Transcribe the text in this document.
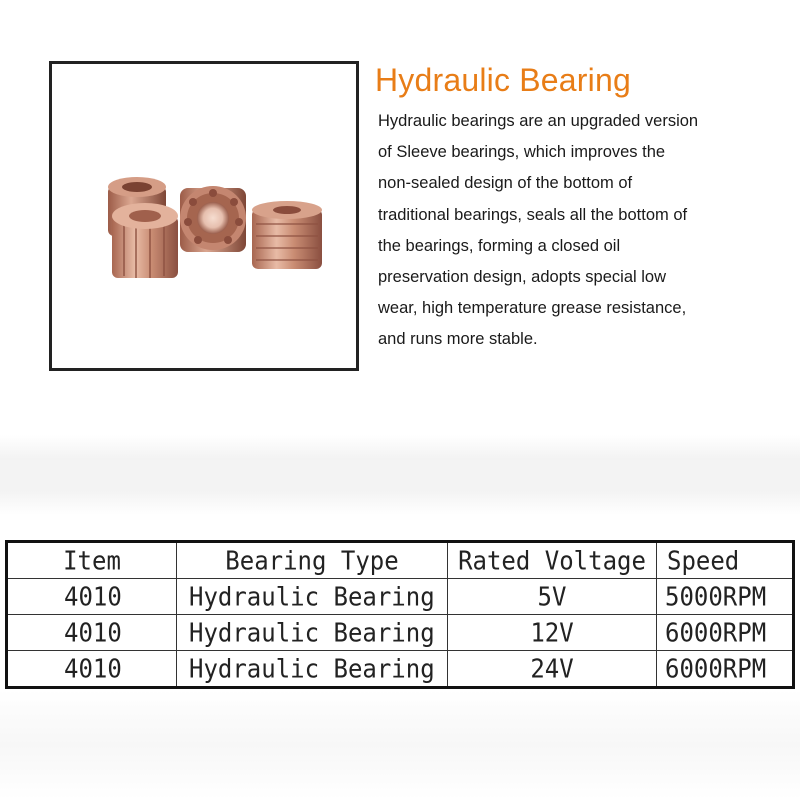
Hydraulic Bearing
Hydraulic bearings are an upgraded version
of Sleeve bearings, which improves the
non-sealed design of the bottom of
traditional bearings, seals all the bottom of
the bearings, forming a closed oil
preservation design, adopts special low
wear, high temperature grease resistance,
and runs more stable.
Item	Bearing Type	Rated Voltage	Speed
4010	Hydraulic Bearing	5V	5000RPM
4010	Hydraulic Bearing	12V	6000RPM
4010	Hydraulic Bearing	24V	6000RPM
